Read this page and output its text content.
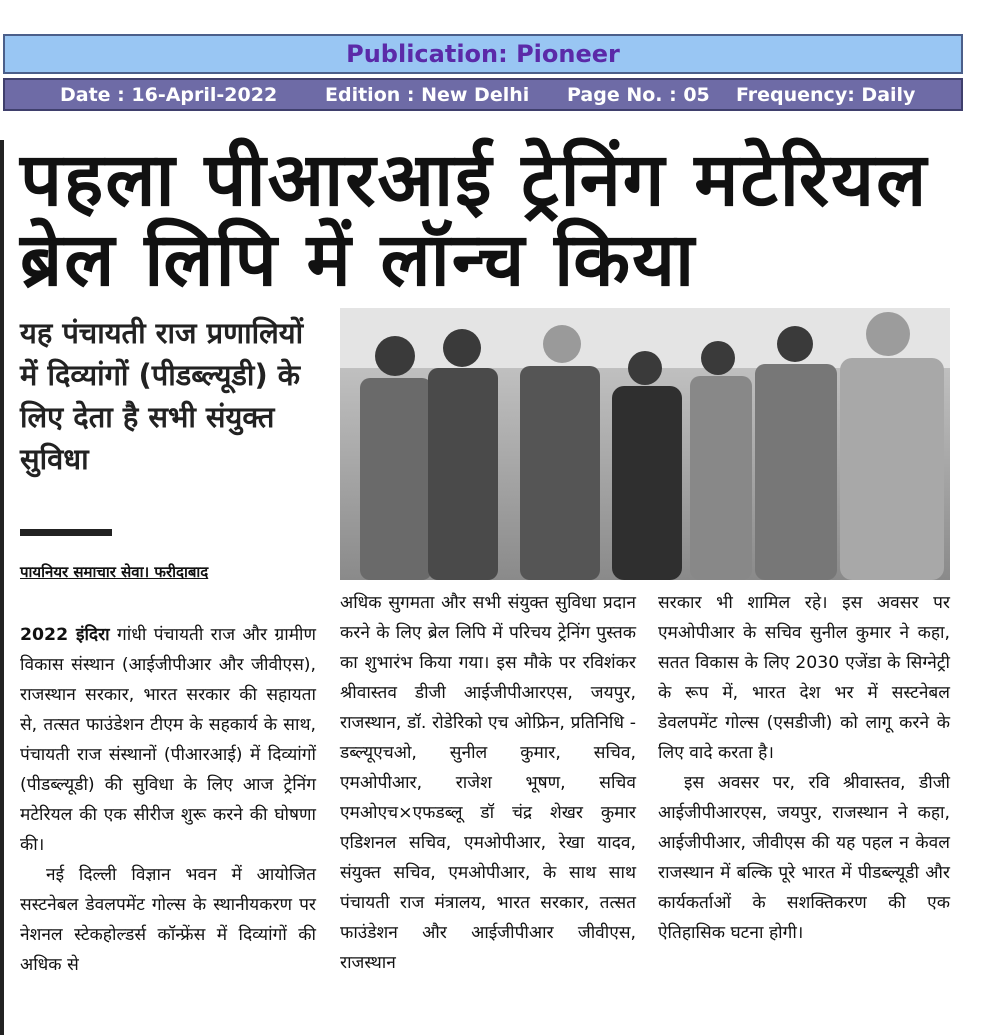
Publication: Pioneer
Date : 16-April-2022	Edition : New Delhi Page No. : 05 Frequency: Daily
पहला पीआरआई ट्रेनिंग मटेरियल
ब्रेल लिपि में लॉन्च किया
यह पंचायती राज प्रणालियों में दिव्यांगों (पीडब्ल्यूडी) के लिए देता है सभी संयुक्त सुविधा
पायनियर समाचार सेवा। फरीदाबाद

2022 इंदिरा गांधी पंचायती राज और ग्रामीण विकास संस्थान (आईजीपीआर और जीवीएस), राजस्थान सरकार, भारत सरकार की सहायता से, तत्सत फाउंडेशन टीएम के सहकार्य के साथ, पंचायती राज संस्थानों (पीआरआई) में दिव्यांगों (पीडब्ल्यूडी) की सुविधा के लिए आज ट्रेनिंग मटेरियल की एक सीरीज शुरू करने की घोषणा की।

नई दिल्ली विज्ञान भवन में आयोजित सस्टनेबल डेवलपमेंट गोल्स के स्थानीयकरण पर नेशनल स्टेकहोल्डर्स कॉन्फ्रेंस में दिव्यांगों की अधिक से

अधिक सुगमता और सभी संयुक्त सुविधा प्रदान करने के लिए ब्रेल लिपि में परिचय ट्रेनिंग पुस्तक का शुभारंभ किया गया। इस मौके पर रविशंकर श्रीवास्तव डीजी आईजीपीआरएस, जयपुर, राजस्थान, डॉ. रोडेरिको एच ओफ्रिन, प्रतिनिधि - डब्ल्यूएचओ, सुनील कुमार, सचिव, एमओपीआर, राजेश भूषण, सचिव एमओएच×एफडब्लू डॉ चंद्र शेखर कुमार एडिशनल सचिव, एमओपीआर, रेखा यादव, संयुक्त सचिव, एमओपीआर, के साथ साथ पंचायती राज मंत्रालय, भारत सरकार, तत्सत फाउंडेशन और आईजीपीआर जीवीएस, राजस्थान

सरकार भी शामिल रहे। इस अवसर पर एमओपीआर के सचिव सुनील कुमार ने कहा, सतत विकास के लिए 2030 एजेंडा के सिग्नेट्री के रूप में, भारत देश भर में सस्टनेबल डेवलपमेंट गोल्स (एसडीजी) को लागू करने के लिए वादे करता है।

इस अवसर पर, रवि श्रीवास्तव, डीजी आईजीपीआरएस, जयपुर, राजस्थान ने कहा, आईजीपीआर, जीवीएस की यह पहल न केवल राजस्थान में बल्कि पूरे भारत में पीडब्ल्यूडी और कार्यकर्ताओं के सशक्तिकरण की एक ऐतिहासिक घटना होगी।
